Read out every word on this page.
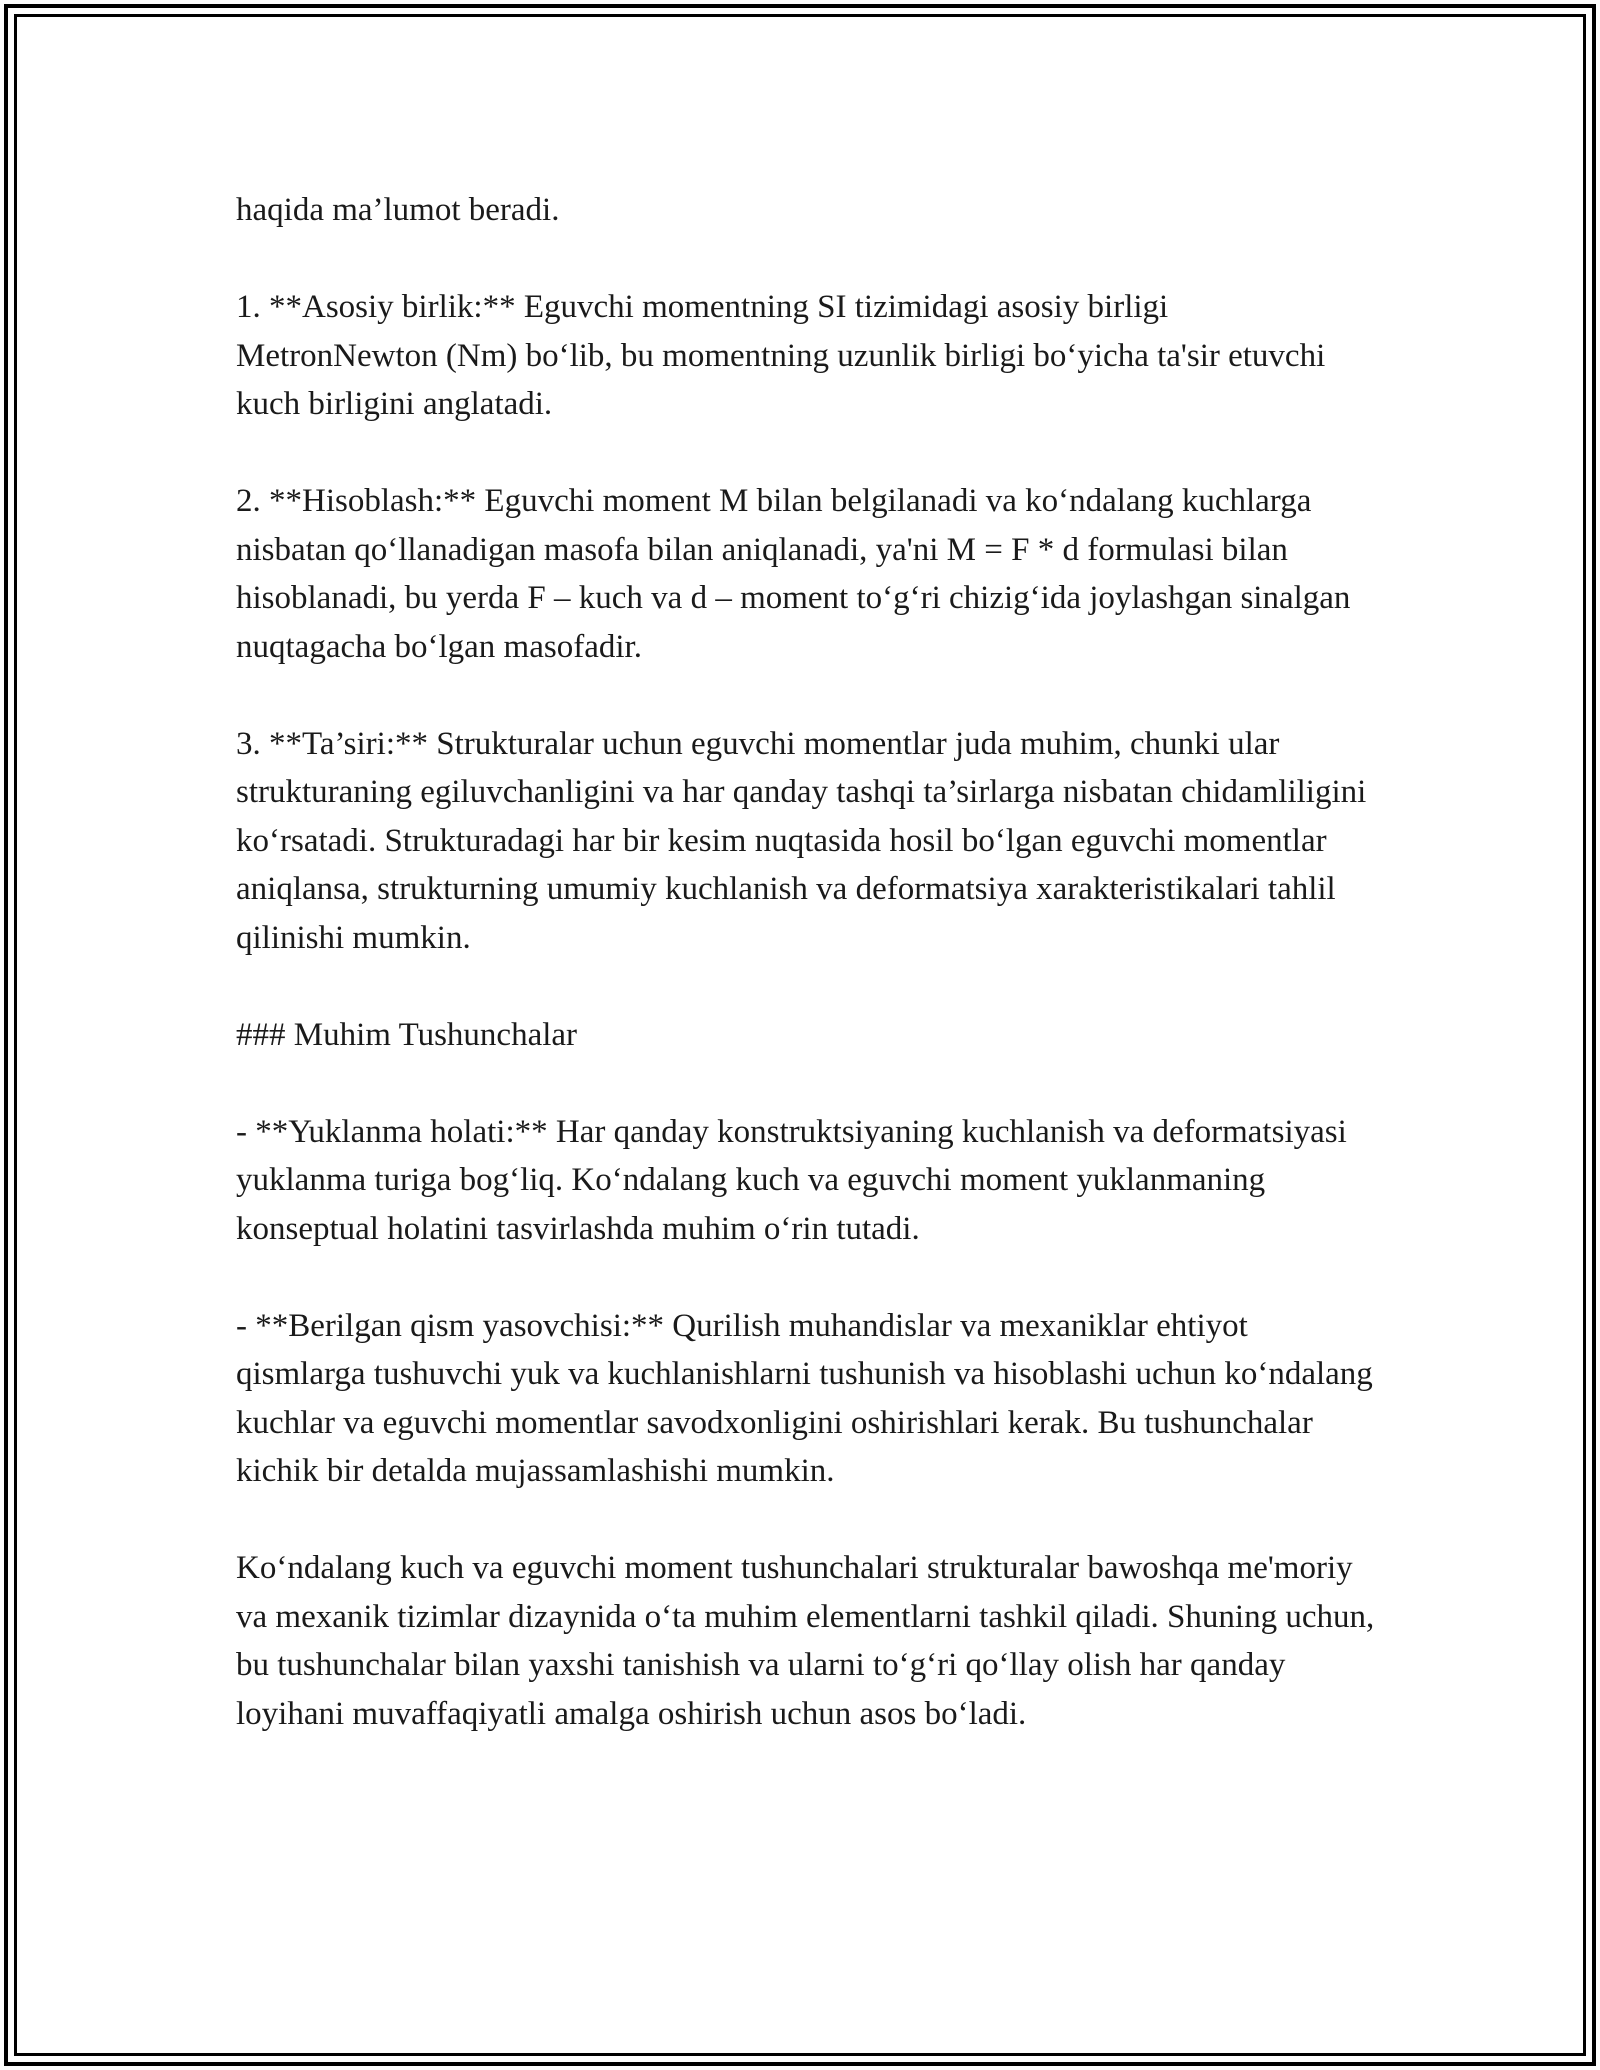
haqida ma’lumot beradi.

1. **Asosiy birlik:** Eguvchi momentning SI tizimidagi asosiy birligi MetronNewton (Nm) bo‘lib, bu momentning uzunlik birligi bo‘yicha ta'sir etuvchi kuch birligini anglatadi.

2. **Hisoblash:** Eguvchi moment M bilan belgilanadi va ko‘ndalang kuchlarga nisbatan qo‘llanadigan masofa bilan aniqlanadi, ya'ni M = F * d formulasi bilan hisoblanadi, bu yerda F – kuch va d – moment to‘g‘ri chizig‘ida joylashgan sinalgan nuqtagacha bo‘lgan masofadir.

3. **Ta’siri:** Strukturalar uchun eguvchi momentlar juda muhim, chunki ular strukturaning egiluvchanligini va har qanday tashqi ta’sirlarga nisbatan chidamliligini ko‘rsatadi. Strukturadagi har bir kesim nuqtasida hosil bo‘lgan eguvchi momentlar aniqlansa, strukturning umumiy kuchlanish va deformatsiya xarakteristikalari tahlil qilinishi mumkin.

### Muhim Tushunchalar

- **Yuklanma holati:** Har qanday konstruktsiyaning kuchlanish va deformatsiyasi yuklanma turiga bog‘liq. Ko‘ndalang kuch va eguvchi moment yuklanmaning konseptual holatini tasvirlashda muhim o‘rin tutadi.

- **Berilgan qism yasovchisi:** Qurilish muhandislar va mexaniklar ehtiyot qismlarga tushuvchi yuk va kuchlanishlarni tushunish va hisoblashi uchun ko‘ndalang kuchlar va eguvchi momentlar savodxonligini oshirishlari kerak. Bu tushunchalar kichik bir detalda mujassamlashishi mumkin.

Ko‘ndalang kuch va eguvchi moment tushunchalari strukturalar bawoshqa me'moriy va mexanik tizimlar dizaynida o‘ta muhim elementlarni tashkil qiladi. Shuning uchun, bu tushunchalar bilan yaxshi tanishish va ularni to‘g‘ri qo‘llay olish har qanday loyihani muvaffaqiyatli amalga oshirish uchun asos bo‘ladi.
